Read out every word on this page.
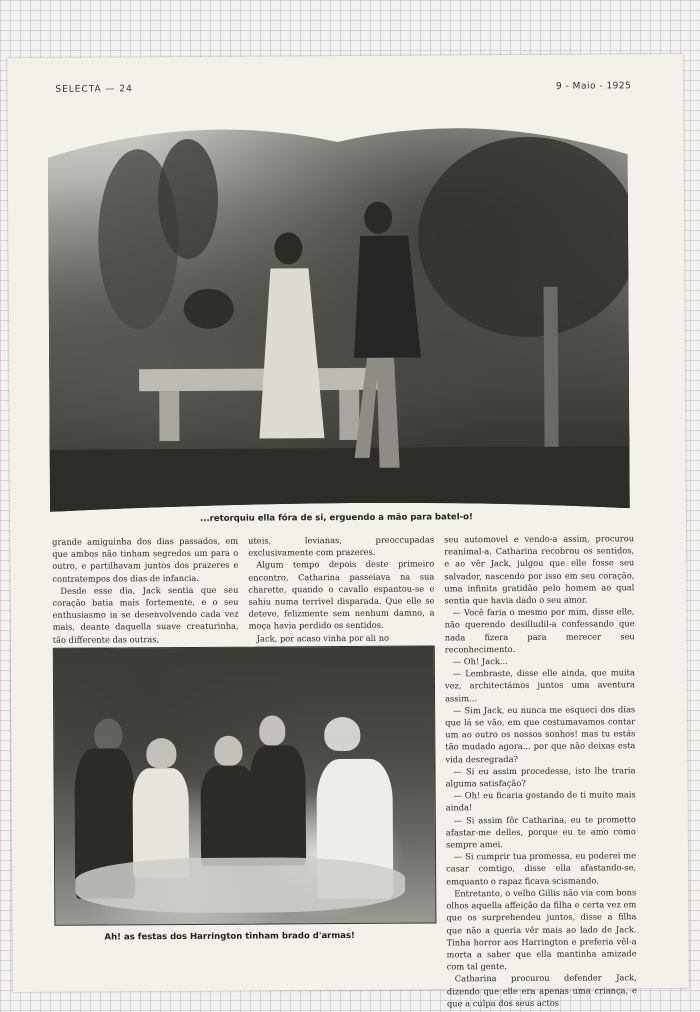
SELECTA — 24	9 - Maio - 1925
...retorquiu ella fóra de si, erguendo a mão para batel-o!

grande amiguinha dos dias passados, em que ambos não tinham segredos um para o outro, e partilhavam juntos dos prazeres e contratempos dos dias de infancia.

Desde esse dia, Jack sentia que seu coração batia mais fortemente, e o seu enthusiasmo ia se desenvolvendo cada vez mais, deante daquella suave creaturinha, tão differente das outras,

uteis, levianas, preoccupadas exclusivamente com prazeres.

Algum tempo depois deste primeiro encontro, Catharina passeiava na sua charette, quando o cavallo espantou-se e sahiu numa terrivel disparada. Que elle se deteve, felizmente sem nenhum damno, a moça havia perdido os sentidos.

Jack, por acaso vinha por ali no

seu automovel e vendo-a assim, procurou reanimal-a. Catharina recobrou os sentidos, e ao vêr Jack, julgou que elle fosse seu salvador, nascendo por isso em seu coração, uma infinita gratidão pelo homem ao qual sentia que havia dado o seu amor.

— Você faria o mesmo por mim, disse elle, não querendo desilludil-a confessando que nada fizera para merecer seu reconhecimento.

— Oh! Jack...

— Lembraste, disse elle ainda, que muita vez, architectámos juntos uma aventura assim...

— Sim Jack, eu nunca me esqueci dos dias que lá se vão, em que costumavamos contar um ao outro os nossos sonhos! mas tu estás tão mudado agora... por que não deixas esta vida desregrada?

— Si eu assim procedesse, isto lhe traria alguma satisfação?

— Oh! eu ficaria gostando de ti muito mais ainda!

— Si assim fôr Catharina, eu te prometto afastar-me delles, porque eu te amo como sempre amei.

— Si cumprir tua promessa, eu poderei me casar comtigo, disse ella afastando-se, emquanto o rapaz ficava scismando.

Entretanto, o velho Gillis não via com bons olhos aquella affeição da filha e certa vez em que os surprehendeu juntos, disse a filha que não a queria vêr mais ao lado de Jack. Tinha horror aos Harrington e preferia vêl-a morta a saber que ella mantinha amizade com tal gente.

Catharina procurou defender Jack, dizendo que elle era apenas uma criança, e que a culpa dos seus actos

Ah! as festas dos Harrington tinham brado d'armas!
